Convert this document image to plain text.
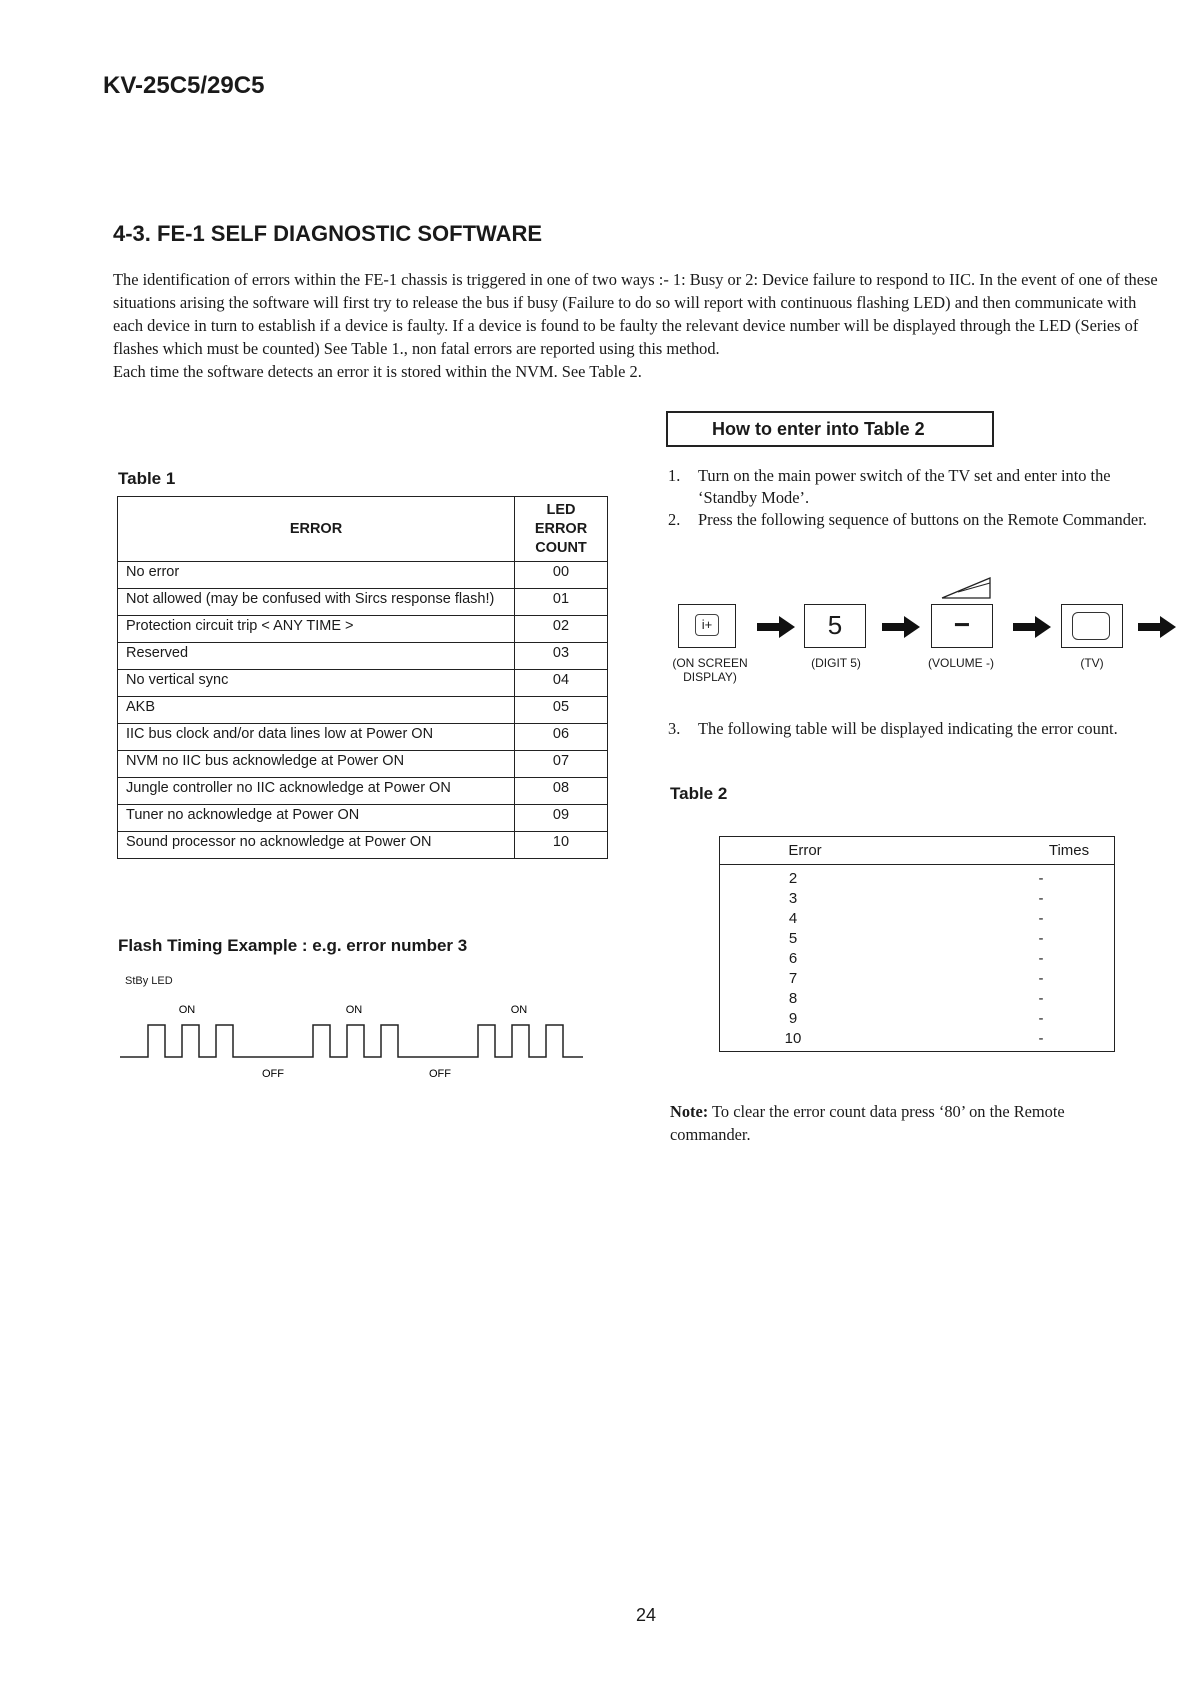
KV-25C5/29C5
4-3. FE-1 SELF DIAGNOSTIC SOFTWARE

The identification of errors within the FE-1 chassis is triggered in one of two ways :- 1: Busy or 2: Device failure to respond to IIC. In the event of one of these situations arising the software will first try to release the bus if busy (Failure to do so will report with continuous flashing LED) and then communicate with each device in turn to establish if a device is faulty. If a device is found to be faulty the relevant device number will be displayed through the LED (Series of flashes which must be counted) See Table 1., non fatal errors are reported using this method.

Each time the software detects an error it is stored within the NVM. See Table 2.

Table 1
ERROR	LED
ERROR
COUNT

No error	00
Not allowed (may be confused with Sircs response flash!)	01
Protection circuit trip < ANY TIME >	02
Reserved	03
No vertical sync	04
AKB	05
IIC bus clock and/or data lines low at Power ON	06
NVM no IIC bus acknowledge at Power ON	07
Jungle controller no IIC acknowledge at Power ON	08
Tuner no acknowledge at Power ON	09
Sound processor no acknowledge at Power ON	10
Flash Timing Example : e.g. error number 3
StBy LED
ON	ON	ON
OFF	OFF
How to enter into Table 2
1.	Turn on the main power switch of the TV set and enter into the ‘Standby Mode’.
2.	Press the following sequence of buttons on the Remote Commander.
i+	5	−
(ON SCREEN
DISPLAY)
(DIGIT 5)	(VOLUME -)	(TV)
3.	The following table will be displayed indicating the error count.
Table 2
Error	Times
2	-
3	-
4	-
5	-
6	-
7	-
8	-
9	-
10	-
Note: To clear the error count data press ‘80’ on the Remote commander.
24
